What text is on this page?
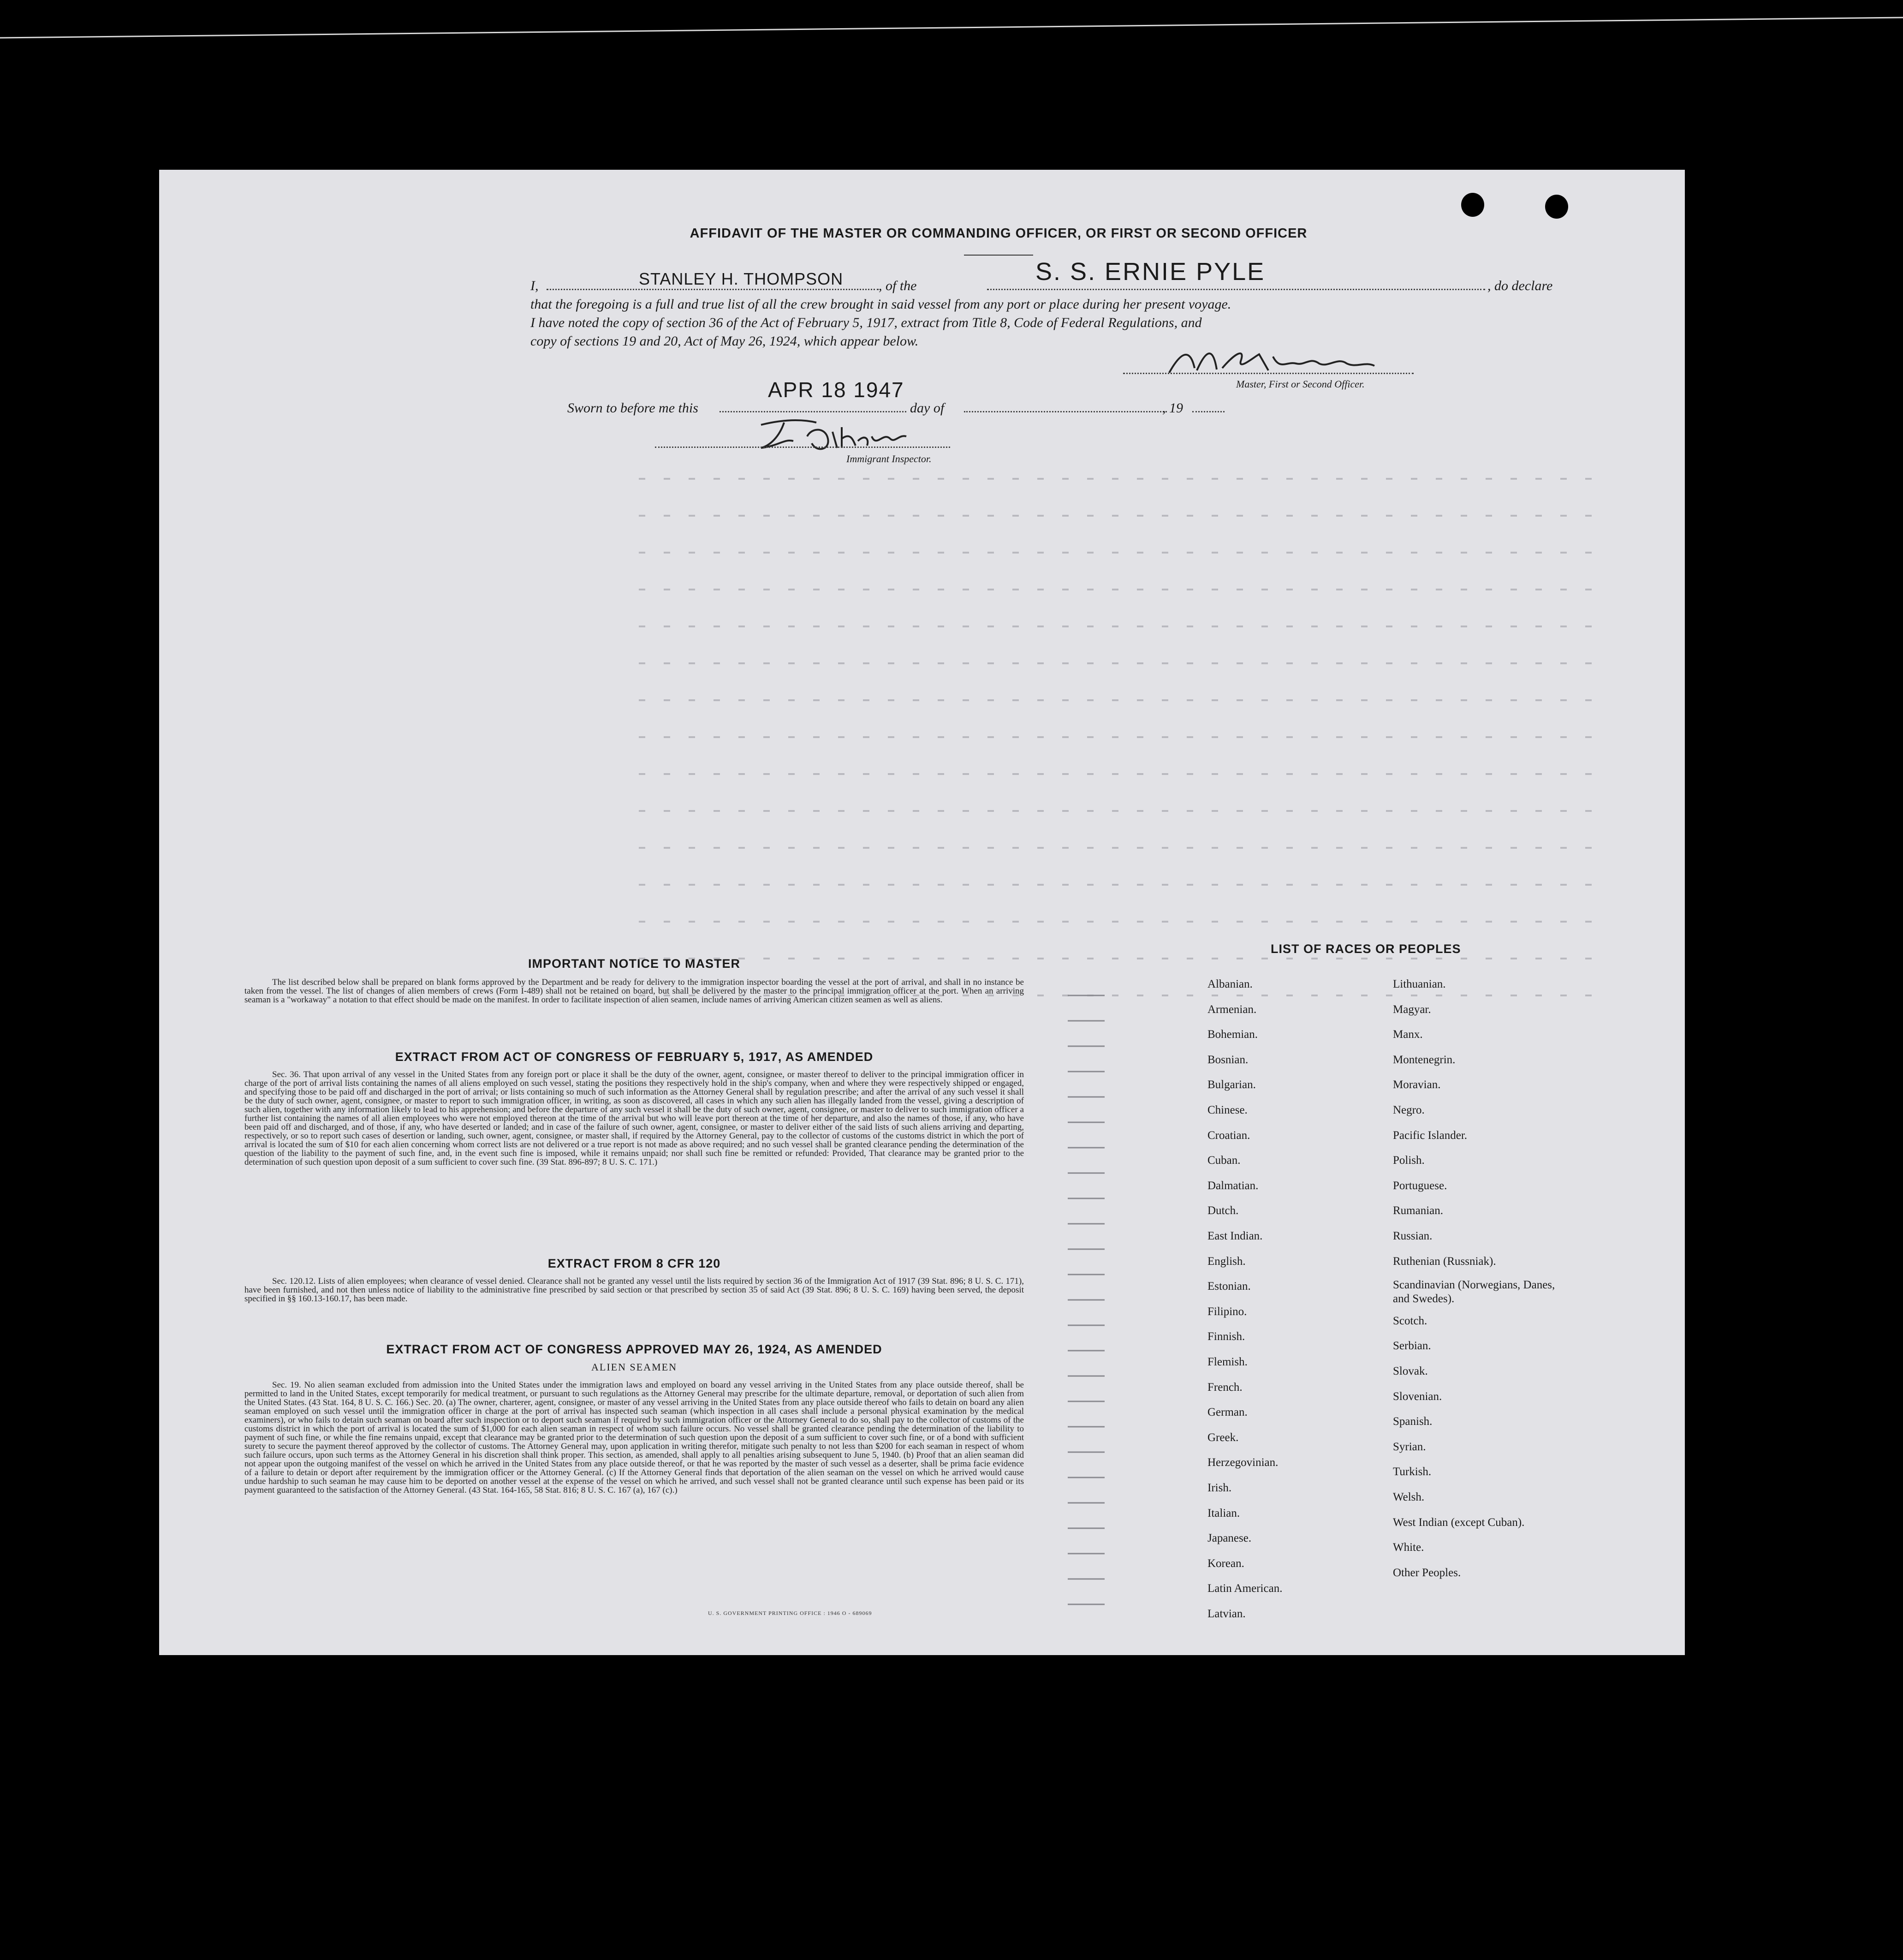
AFFIDAVIT OF THE MASTER OR COMMANDING OFFICER, OR FIRST OR SECOND OFFICER
I,	STANLEY H. THOMPSON	, of the
S. S. ERNIE PYLE
, do declare
that the foregoing is a full and true list of all the crew brought in said vessel from any port or place during her present voyage.
I have noted the copy of section 36 of the Act of February 5, 1917, extract from Title 8, Code of Federal Regulations, and
copy of sections 19 and 20, Act of May 26, 1924, which appear below.	S.H. Thompson
Master, First or Second Officer.
Sworn to before me this
APR 18 1947
day of	, 19
T.C. Gibney
Immigrant Inspector.
IMPORTANT NOTICE TO MASTER
The list described below shall be prepared on blank forms approved by the Department and be ready for delivery to the immigration inspector boarding the vessel at the port of arrival, and shall in no instance be taken from the vessel. The list of changes of alien members of crews (Form I-489) shall not be retained on board, but shall be delivered by the master to the principal immigration officer at the port. When an arriving seaman is a "workaway" a notation to that effect should be made on the manifest. In order to facilitate inspection of alien seamen, include names of arriving American citizen seamen as well as aliens.
EXTRACT FROM ACT OF CONGRESS OF FEBRUARY 5, 1917, AS AMENDED
Sec. 36. That upon arrival of any vessel in the United States from any foreign port or place it shall be the duty of the owner, agent, consignee, or master thereof to deliver to the principal immigration officer in charge of the port of arrival lists containing the names of all aliens employed on such vessel, stating the positions they respectively hold in the ship's company, when and where they were respectively shipped or engaged, and specifying those to be paid off and discharged in the port of arrival; or lists containing so much of such information as the Attorney General shall by regulation prescribe; and after the arrival of any such vessel it shall be the duty of such owner, agent, consignee, or master to report to such immigration officer, in writing, as soon as discovered, all cases in which any such alien has illegally landed from the vessel, giving a description of such alien, together with any information likely to lead to his apprehension; and before the departure of any such vessel it shall be the duty of such owner, agent, consignee, or master to deliver to such immigration officer a further list containing the names of all alien employees who were not employed thereon at the time of the arrival but who will leave port thereon at the time of her departure, and also the names of those, if any, who have been paid off and discharged, and of those, if any, who have deserted or landed; and in case of the failure of such owner, agent, consignee, or master to deliver either of the said lists of such aliens arriving and departing, respectively, or so to report such cases of desertion or landing, such owner, agent, consignee, or master shall, if required by the Attorney General, pay to the collector of customs of the customs district in which the port of arrival is located the sum of $10 for each alien concerning whom correct lists are not delivered or a true report is not made as above required; and no such vessel shall be granted clearance pending the determination of the question of the liability to the payment of such fine, and, in the event such fine is imposed, while it remains unpaid; nor shall such fine be remitted or refunded: Provided, That clearance may be granted prior to the determination of such question upon deposit of a sum sufficient to cover such fine. (39 Stat. 896-897; 8 U. S. C. 171.)
EXTRACT FROM 8 CFR 120
Sec. 120.12. Lists of alien employees; when clearance of vessel denied. Clearance shall not be granted any vessel until the lists required by section 36 of the Immigration Act of 1917 (39 Stat. 896; 8 U. S. C. 171), have been furnished, and not then unless notice of liability to the administrative fine prescribed by said section or that prescribed by section 35 of said Act (39 Stat. 896; 8 U. S. C. 169) having been served, the deposit specified in §§ 160.13-160.17, has been made.
EXTRACT FROM ACT OF CONGRESS APPROVED MAY 26, 1924, AS AMENDED
ALIEN SEAMEN
Sec. 19. No alien seaman excluded from admission into the United States under the immigration laws and employed on board any vessel arriving in the United States from any place outside thereof, shall be permitted to land in the United States, except temporarily for medical treatment, or pursuant to such regulations as the Attorney General may prescribe for the ultimate departure, removal, or deportation of such alien from the United States. (43 Stat. 164, 8 U. S. C. 166.) Sec. 20. (a) The owner, charterer, agent, consignee, or master of any vessel arriving in the United States from any place outside thereof who fails to detain on board any alien seaman employed on such vessel until the immigration officer in charge at the port of arrival has inspected such seaman (which inspection in all cases shall include a personal physical examination by the medical examiners), or who fails to detain such seaman on board after such inspection or to deport such seaman if required by such immigration officer or the Attorney General to do so, shall pay to the collector of customs of the customs district in which the port of arrival is located the sum of $1,000 for each alien seaman in respect of whom such failure occurs. No vessel shall be granted clearance pending the determination of the liability to payment of such fine, or while the fine remains unpaid, except that clearance may be granted prior to the determination of such question upon the deposit of a sum sufficient to cover such fine, or of a bond with sufficient surety to secure the payment thereof approved by the collector of customs. The Attorney General may, upon application in writing therefor, mitigate such penalty to not less than $200 for each seaman in respect of whom such failure occurs, upon such terms as the Attorney General in his discretion shall think proper. This section, as amended, shall apply to all penalties arising subsequent to June 5, 1940. (b) Proof that an alien seaman did not appear upon the outgoing manifest of the vessel on which he arrived in the United States from any place outside thereof, or that he was reported by the master of such vessel as a deserter, shall be prima facie evidence of a failure to detain or deport after requirement by the immigration officer or the Attorney General. (c) If the Attorney General finds that deportation of the alien seaman on the vessel on which he arrived would cause undue hardship to such seaman he may cause him to be deported on another vessel at the expense of the vessel on which he arrived, and such vessel shall not be granted clearance until such expense has been paid or its payment guaranteed to the satisfaction of the Attorney General. (43 Stat. 164-165, 58 Stat. 816; 8 U. S. C. 167 (a), 167 (c).)
U. S. GOVERNMENT PRINTING OFFICE : 1946 O - 689069
LIST OF RACES OR PEOPLES
Albanian.
Armenian.
Bohemian.
Bosnian.
Bulgarian.
Chinese.
Croatian.
Cuban.
Dalmatian.
Dutch.
East Indian.
English.
Estonian.
Filipino.
Finnish.
Flemish.
French.
German.
Greek.
Herzegovinian.
Irish.
Italian.
Japanese.
Korean.
Latin American.
Latvian.
Lithuanian.
Magyar.
Manx.
Montenegrin.
Moravian.
Negro.
Pacific Islander.
Polish.
Portuguese.
Rumanian.
Russian.
Ruthenian (Russniak).
Scandinavian (Norwegians, Danes, and Swedes).
Scotch.
Serbian.
Slovak.
Slovenian.
Spanish.
Syrian.
Turkish.
Welsh.
West Indian (except Cuban).
White.
Other Peoples.
